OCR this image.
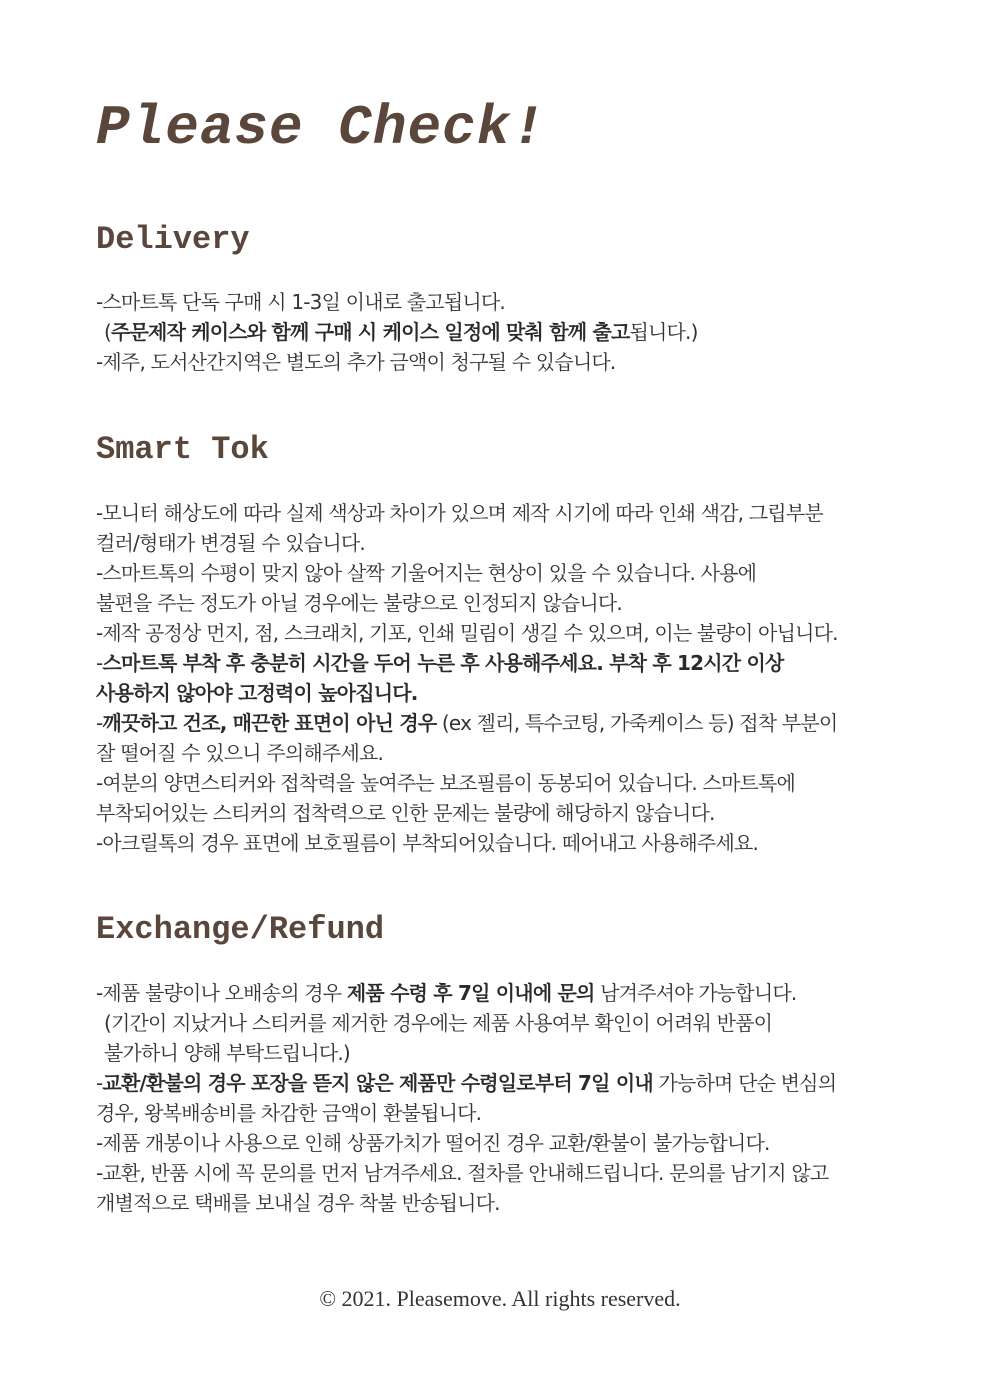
Please Check!
Delivery

-스마트톡 단독 구매 시 1-3일 이내로 출고됩니다.

(주문제작 케이스와 함께 구매 시 케이스 일정에 맞춰 함께 출고됩니다.)

-제주, 도서산간지역은 별도의 추가 금액이 청구될 수 있습니다.

Smart Tok

-모니터 해상도에 따라 실제 색상과 차이가 있으며 제작 시기에 따라 인쇄 색감, 그립부분
컬러/형태가 변경될 수 있습니다.

-스마트톡의 수평이 맞지 않아 살짝 기울어지는 현상이 있을 수 있습니다. 사용에
불편을 주는 정도가 아닐 경우에는 불량으로 인정되지 않습니다.

-제작 공정상 먼지, 점, 스크래치, 기포, 인쇄 밀림이 생길 수 있으며, 이는 불량이 아닙니다.

-스마트톡 부착 후 충분히 시간을 두어 누른 후 사용해주세요. 부착 후 12시간 이상
사용하지 않아야 고정력이 높아집니다.

-깨끗하고 건조, 매끈한 표면이 아닌 경우 (ex 젤리, 특수코팅, 가죽케이스 등) 접착 부분이
잘 떨어질 수 있으니 주의해주세요.

-여분의 양면스티커와 접착력을 높여주는 보조필름이 동봉되어 있습니다. 스마트톡에
부착되어있는 스티커의 접착력으로 인한 문제는 불량에 해당하지 않습니다.

-아크릴톡의 경우 표면에 보호필름이 부착되어있습니다. 떼어내고 사용해주세요.

Exchange/Refund

-제품 불량이나 오배송의 경우 제품 수령 후 7일 이내에 문의 남겨주셔야 가능합니다.

(기간이 지났거나 스티커를 제거한 경우에는 제품 사용여부 확인이 어려워 반품이
불가하니 양해 부탁드립니다.)

-교환/환불의 경우 포장을 뜯지 않은 제품만 수령일로부터 7일 이내 가능하며 단순 변심의
경우, 왕복배송비를 차감한 금액이 환불됩니다.

-제품 개봉이나 사용으로 인해 상품가치가 떨어진 경우 교환/환불이 불가능합니다.

-교환, 반품 시에 꼭 문의를 먼저 남겨주세요. 절차를 안내해드립니다. 문의를 남기지 않고
개별적으로 택배를 보내실 경우 착불 반송됩니다.

© 2021. Pleasemove. All rights reserved.
